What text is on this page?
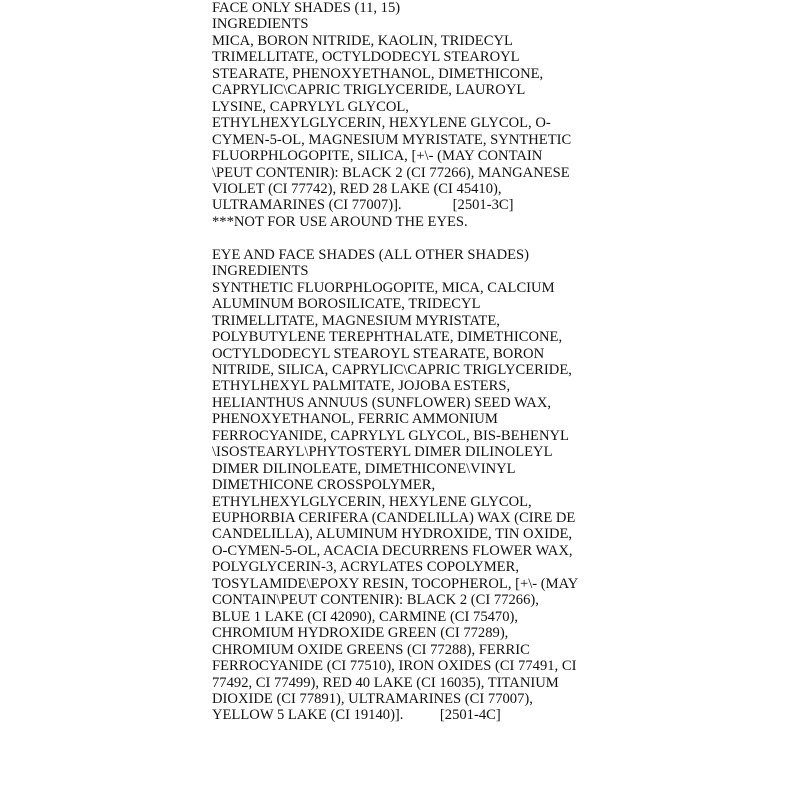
FACE ONLY SHADES (11, 15)
INGREDIENTS
MICA, BORON NITRIDE, KAOLIN, TRIDECYL
TRIMELLITATE, OCTYLDODECYL STEAROYL
STEARATE, PHENOXYETHANOL, DIMETHICONE,
CAPRYLIC\CAPRIC TRIGLYCERIDE, LAUROYL
LYSINE, CAPRYLYL GLYCOL,
ETHYLHEXYLGLYCERIN, HEXYLENE GLYCOL, O-
CYMEN-5-OL, MAGNESIUM MYRISTATE, SYNTHETIC
FLUORPHLOGOPITE, SILICA, [+\- (MAY CONTAIN
\PEUT CONTENIR): BLACK 2 (CI 77266), MANGANESE
VIOLET (CI 77742), RED 28 LAKE (CI 45410),
ULTRAMARINES (CI 77007)].              [2501-3C]
***NOT FOR USE AROUND THE EYES.
EYE AND FACE SHADES (ALL OTHER SHADES)
INGREDIENTS
SYNTHETIC FLUORPHLOGOPITE, MICA, CALCIUM
ALUMINUM BOROSILICATE, TRIDECYL
TRIMELLITATE, MAGNESIUM MYRISTATE,
POLYBUTYLENE TEREPHTHALATE, DIMETHICONE,
OCTYLDODECYL STEAROYL STEARATE, BORON
NITRIDE, SILICA, CAPRYLIC\CAPRIC TRIGLYCERIDE,
ETHYLHEXYL PALMITATE, JOJOBA ESTERS,
HELIANTHUS ANNUUS (SUNFLOWER) SEED WAX,
PHENOXYETHANOL, FERRIC AMMONIUM
FERROCYANIDE, CAPRYLYL GLYCOL, BIS-BEHENYL
\ISOSTEARYL\PHYTOSTERYL DIMER DILINOLEYL
DIMER DILINOLEATE, DIMETHICONE\VINYL
DIMETHICONE CROSSPOLYMER,
ETHYLHEXYLGLYCERIN, HEXYLENE GLYCOL,
EUPHORBIA CERIFERA (CANDELILLA) WAX (CIRE DE
CANDELILLA), ALUMINUM HYDROXIDE, TIN OXIDE,
O-CYMEN-5-OL, ACACIA DECURRENS FLOWER WAX,
POLYGLYCERIN-3, ACRYLATES COPOLYMER,
TOSYLAMIDE\EPOXY RESIN, TOCOPHEROL, [+\- (MAY
CONTAIN\PEUT CONTENIR): BLACK 2 (CI 77266),
BLUE 1 LAKE (CI 42090), CARMINE (CI 75470),
CHROMIUM HYDROXIDE GREEN (CI 77289),
CHROMIUM OXIDE GREENS (CI 77288), FERRIC
FERROCYANIDE (CI 77510), IRON OXIDES (CI 77491, CI
77492, CI 77499), RED 40 LAKE (CI 16035), TITANIUM
DIOXIDE (CI 77891), ULTRAMARINES (CI 77007),
YELLOW 5 LAKE (CI 19140)].          [2501-4C]
